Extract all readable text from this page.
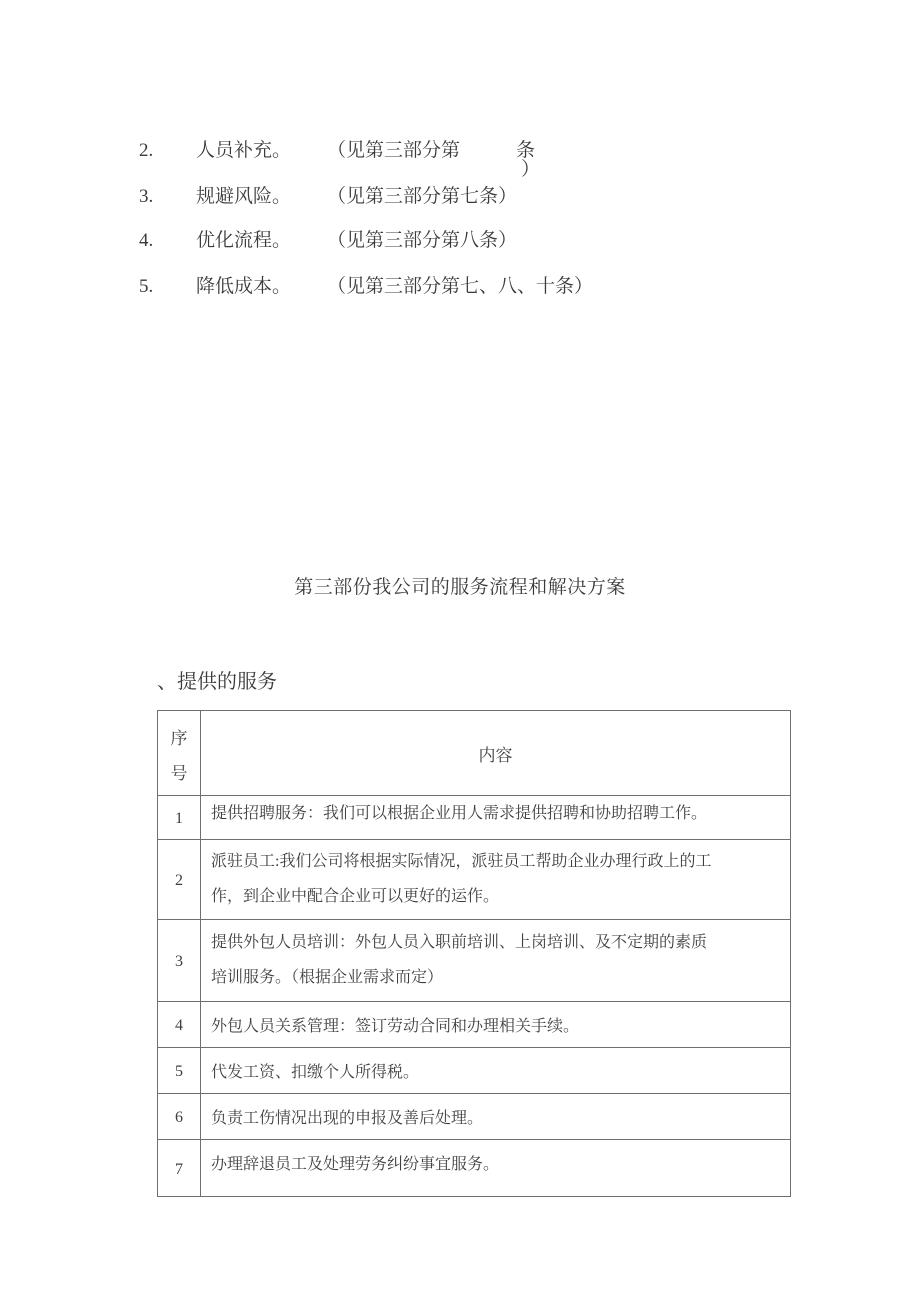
2. 人员补充。 （见第三部分第	条
）
3. 规避风险。 （见第三部分第七条）
4. 优化流程。 （见第三部分第八条）
5. 降低成本。 （见第三部分第七、八、十条）
第三部份我公司的服务流程和解决方案
、提供的服务
序
号	内容
1	提供招聘服务：我们可以根据企业用人需求提供招聘和协助招聘工作。
2	派驻员工:我们公司将根据实际情况，派驻员工帮助企业办理行政上的工作，到企业中配合企业可以更好的运作。
3	提供外包人员培训：外包人员入职前培训、上岗培训、及不定期的素质培训服务。（根据企业需求而定）
4	外包人员关系管理：签订劳动合同和办理相关手续。
5	代发工资、扣缴个人所得税。
6	负责工伤情况出现的申报及善后处理。
7	办理辞退员工及处理劳务纠纷事宜服务。
